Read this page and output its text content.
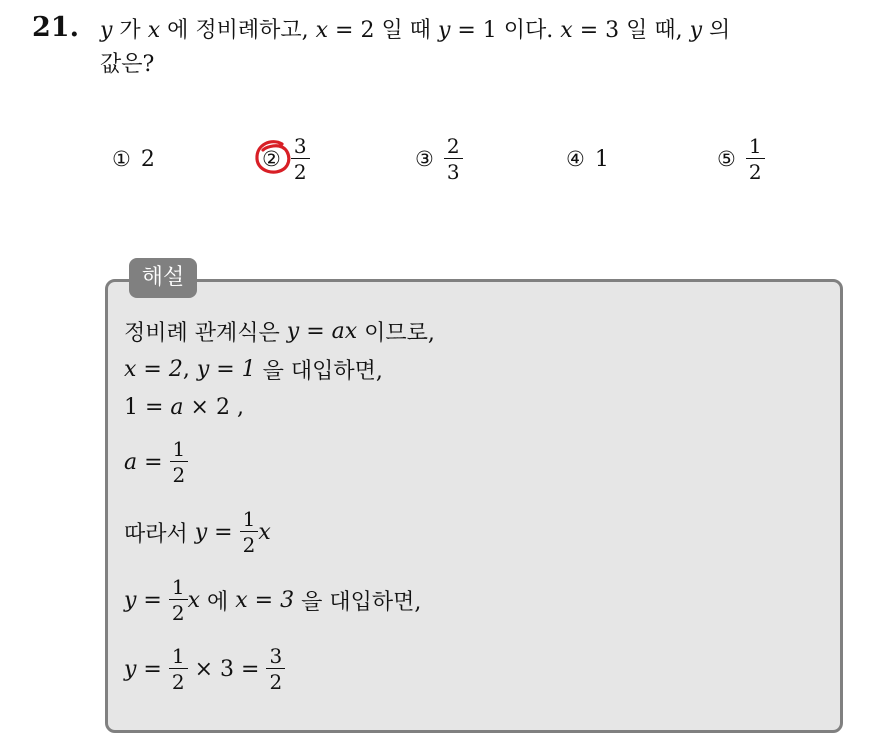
21. y 가 x 에 정비례하고, x = 2 일 때 y = 1 이다. x = 3 일 때, y 의
값은?
① 2	② $\frac{3}{2}$	③ $\frac{2}{3}$	④ 1	⑤ $\frac{1}{2}$
해설
정비례 관계식은 y = ax 이므로,
x = 2 , y = 1 을 대입하면,
1 = a × 2 ,
$a = \frac{1}{2}$
따라서 $y = \frac{1}{2}$ x
$y = \frac{1}{2}$ x 에 x = 3 을 대입하면,
$y = \frac{1}{2} \times 3 = \frac{3}{2}$
